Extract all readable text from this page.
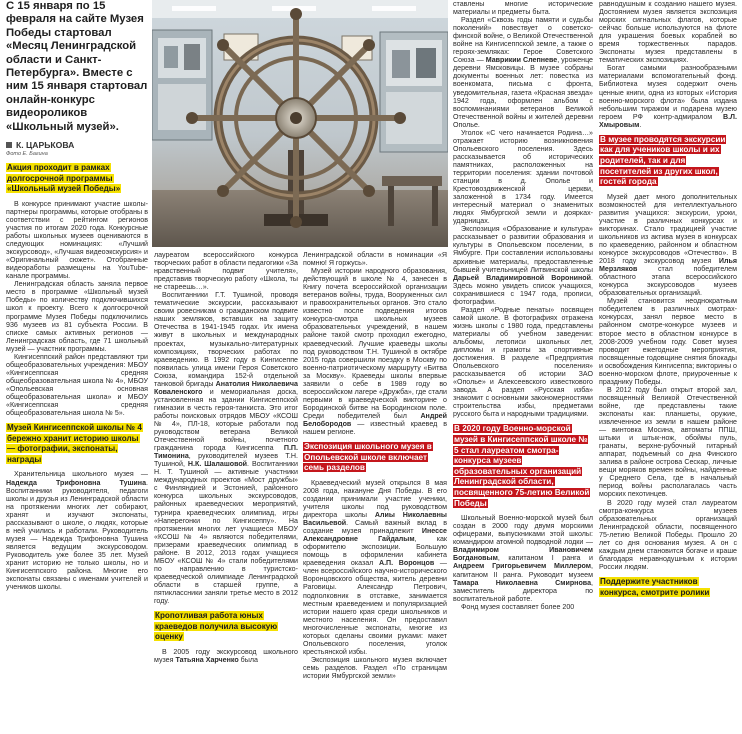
С 15 января по 15 февраля на сайте Музея Победы стартовал «Месяц Ленинградской области и Санкт-Петербурга». Вместе с ним 15 января стартовал онлайн-конкурс видеороликов «Школьный музей».
К. ЦАРЬКОВА
Фото Е. Багина
Акция проходит в рамках долгосрочной программы «Школьный музей Победы»

В конкурсе принимают участие школы-партнеры программы, которые отобраны в соответствии с рейтингом регионов участия по итогам 2020 года. Конкурсные работы школьных музеев оцениваются в следующих номинациях: «Лучший экскурсовод», «Лучшая видеоэкскурсия» и «Оригинальный сюжет». Отобранные видеоработы размещены на YouTube-канале программы.

Ленинградская область заняла первое место в программе «Школьный музей Победы» по количеству подключившихся школ к проекту. Всего к долгосрочной программе Музея Победы подключились 936 музеев из 81 субъекта России. В списке самых активных регионов — Ленинградская область, где 71 школьный музей — участник программы.

Кингисеппский район представляют три общеобразовательных учреждения: МБОУ «Кингисеппская средняя общеобразовательная школа № 4», МБОУ «Опольевская основная общеобразовательная школа» и МБОУ «Кингисеппская средняя общеобразовательная школа № 5».

Музей Кингисеппской школы № 4 бережно хранит историю школы — фотографии, экспонаты, награды

Хранительница школьного музея — Надежда Трифоновна Тушина. Воспитанники руководителя, педагоги школы и друзья из Ленинградской области на протяжении многих лет собирают, хранят и изучают экспонаты, рассказывают о школе, о людях, которые в ней учились и работали. Руководитель музея — Надежда Трифоновна Тушина является ведущим экскурсоводом. Руководитель уже более 35 лет. Музей хранит историю не только школы, но и Кингисеппского района. Многие его экспонаты связаны с именами учителей и учеников школы.

лауреатом всероссийского конкурса творческих работ в области педагогики «За нравственный подвиг учителя», представив творческую работу «Школа, ты не стареешь…».

Воспитанники Г.Т. Тушиной, проводя тематические экскурсии, рассказывают своим ровесникам о гражданском подвиге наших земляков, вставших на защиту Отечества в 1941-1945 годах. Их имена живут в школьных и международных проектах, музыкально-литературных композициях, творческих работах по краеведению. В 1992 году в Кингисеппе появилась улица имени Героя Советского Союза, командира 152-й отдельной танковой бригады Анатолия Николаевича Коваленского и мемориальная доска, установленная на здании Кингисеппской гимназии в честь героя-танкиста. Это итог работы поисковых отрядов МБОУ «КСОШ № 4», ПЛ-18, которые работали под руководством ветерана Великой Отечественной войны, почетного гражданина города Кингисеппа П.П. Тимонина, руководителей музеев Т.Н. Тушиной, Н.К. Шалашовой. Воспитанники Н. Т. Тушиной — активные участники международных проектов «Мост дружбы» с Финляндией и Эстонией, районного конкурса школьных экскурсоводов, районных краеведческих мероприятий, турнира краеведческих олимпиад, игры «Наперегонки по Кингисеппу». На протяжении многих лет учащиеся МБОУ «КСОШ № 4» являются победителями, призерами краеведческих олимпиад в районе. В 2012, 2013 годах учащиеся МБОУ «КСОШ № 4» стали победителями по направлению в туристско-краеведческой олимпиаде Ленинградской области в старшей группе, а пятиклассники заняли третье место в 2012 году.

Кропотливая работа юных краеведов получила высокую оценку

В 2005 году экскурсовод школьного музея Татьяна Харченко была

Ленинградской области в номинации «Я помню! Я горжусь».

Музей истории народного образования, действующий в школе № 4, занесен в Книгу почета всероссийской организации ветеранов войны, труда, Вооруженных сил и правоохранительных органов. Это стало известно после подведения итогов конкурса-смотра школьных музеев образовательных учреждений, в нашем районе такой смотр проходил ежегодно, краеведческий. Лучшие краеведы школы под руководством Т.Н. Тушиной в октябре 2015 года совершили поездку в Москву по военно-патриотическому маршруту «Битва за Москву». Краеведы школы впервые заявили о себе в 1989 году во всероссийском лагере «Дружба», где стали первыми в краеведческой викторине о Бородинской битве на Бородинском поле. Среди победителей был Андрей Белобородов — известный краевед в нашем регионе.

Экспозиция школьного музея в Опольевской школе включает семь разделов

Краеведческий музей открылся 8 мая 2008 года, накануне Дня Победы. В его создании принимали участие ученики, учителя школы под руководством директора школы Алиы Николаевны Васильевой. Самый важный вклад в создание музея принадлежит Инессе Александровне Гайдалым, как оформителю экспозиции. Большую помощь в оформлении кабинета краеведения оказал А.П. Воронцов — член всероссийского научно-исторического Воронцовского общества, житель деревни Раговицы. Александр Петрович, подполковник в отставке, занимается местным краеведением и популяризацией истории нашего края среди школьников и местного населения. Он предоставил многочисленные экспонаты, многие из которых сделаны своими руками: макет Опольевского поселения, уголок крестьянской избы.

Экспозиция школьного музея включает семь разделов. Раздел «По страницам истории Ямбургской земли»

ставлены многие исторические материалы и предметы быта.

Раздел «Сквозь годы памяти и судьбы поколений» повествует о советско-финской войне, о Великой Отечественной войне на Кингисеппской земле, а также о героях-земляках: Герое Советского Союза — Маврикии Слепневе, уроженце деревни Ямсковицы. В музее собраны документы военных лет: повестка из военкомата, письма с фронта, уведомительная, газета «Красная звезда» 1942 года, оформлен альбом с воспоминаниями ветеранов Великой Отечественной войны и жителей деревни Ополье.

Уголок «С чего начинается Родина…» отражает историю возникновения Опольевского поселения. Здесь рассказывается об исторических памятниках, расположенных на территории поселения: здании почтовой станции в д. Ополье и Крестовоздвиженской церкви, заложенной в 1734 году. Имеется интересный материал о знаменитых людях Ямбургской земли и доярках-ударницах.

Экспозиция «Образование и культура» рассказывает о развитии образования и культуры в Опольевском поселении, в Ямбурге. При составлении использованы архивные материалы, предоставленные бывшей учительницей Литвинской школы Дарьей Владимировной Ворониной. Здесь можно увидеть список учащихся, сохранившиеся с 1947 года, прописи, фотографии.

Раздел «Родные пенаты» посвящен самой школе. В фотографиях отражена жизнь школы с 1980 года, представлены материалы об учебном заведении: альбомы, летописи школьных лет, дипломы и грамоты за спортивные достижения. В разделе «Предприятия Опольевского поселения» рассказывается об истории ЗАО «Ополье» и Алексеевского известкового завода. А раздел «Русская изба» знакомит с основными закономерностями строительства избы, предметами русского быта и народными традициями.

В 2020 году Военно-морской музей в Кингисеппской школе № 5 стал лауреатом смотра-конкурса музеев образовательных организаций Ленинградской области, посвященного 75-летию Великой Победы

Школьный Военно-морской музей был создан в 2000 году двумя морскими офицерами, выпускниками этой школы: командиром атомной подводной лодки — Владимиром Ивановичем Богдановым, капитаном I ранга и Андреем Григорьевичем Миллером, капитаном II ранга. Руководит музеем Тамара Николаевна Смирнова, заместитель директора по воспитательной работе.

Фонд музея составляет более 200

равнодушным к созданию нашего музея. Достоянием музея является экспозиция морских сигнальных флагов, которые сейчас больше используются на флоте для украшения боевых кораблей во время торжественных парадов. Экспонаты музея представлены в тематических экспозициях.

Богат самыми разнообразными материалами вспомогательный фонд. Библиотека музея содержит очень ценные книги, одна из которых «История военно-морского флота» была издана небольшим тиражом и подарена музею героем РФ контр-адмиралом В.Л. Хмыровым.

В музее проводятся экскурсии как для учеников школы и их родителей, так и для посетителей из других школ, гостей города

Музей дает много дополнительных возможностей для интеллектуального развития учащихся: экскурсии, уроки, участие в различных конкурсах и викторинах. Стало традицией участие школьников из актива музея в конкурсах по краеведению, районном и областном конкурсе экскурсоводов «Отечество». В 2018 году экскурсовод музея Илья Мерзляков стал победителем областного этапа всероссийского конкурса экскурсоводов музеев образовательных организаций.

Музей становится неоднократным победителем в различных смотрах-конкурсах, занял первое место в районном смотре-конкурсе музеев и второе место в областном конкурсе в 2008-2009 учебном году. Совет музея проводит ежегодные мероприятия, посвященные годовщине снятия блокады и освобождения Кингисеппа; викторины о военно-морском флоте, приуроченные к празднику Победы.

В 2012 году был открыт второй зал, посвященный Великой Отечественной войне, где представлены такие экспонаты как: планшеты, оружие, извлеченное из земли в нашем районе — винтовка Мосина, автоматы ППШ, штыки и штык-нож, обоймы пуль, гранаты, верхне-рубочный гитарный аппарат, подъемный со дна Финского залива в районе острова Сескар, личные вещи моряков времен войны, найденные у Среднего Села, где в начальный период войны располагалась часть морских пехотинцев.

В 2020 году музей стал лауреатом смотра-конкурса музеев образовательных организаций Ленинградской области, посвященного 75-летию Великой Победы. Прошло 20 лет со дня основания музея. А он с каждым днем становится богаче и краше благодаря неравнодушным к истории России людям.

Поддержите участников конкурса, смотрите ролики
